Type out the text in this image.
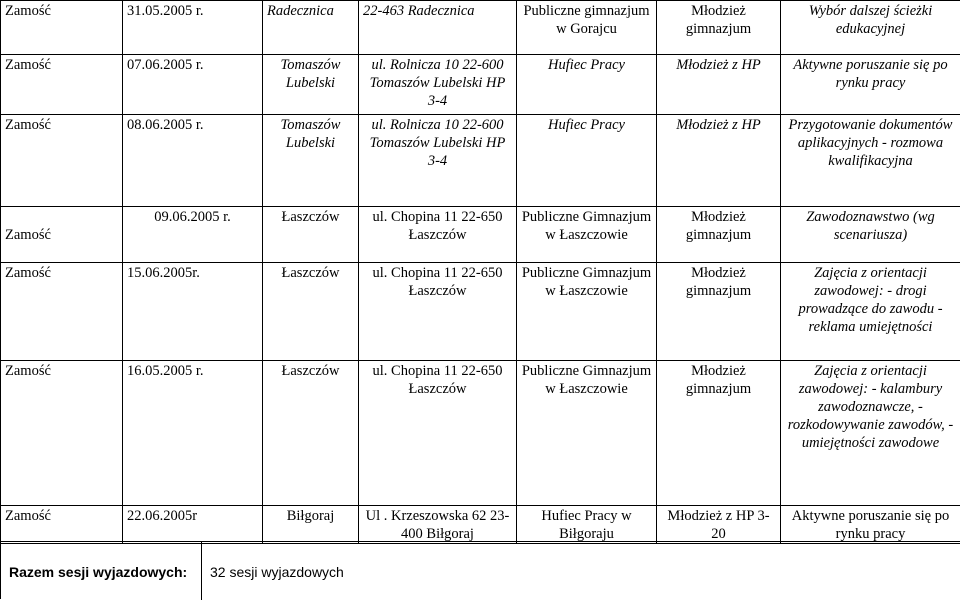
Zamość	31.05.2005 r.	Radecznica	22-463 Radecznica	Publiczne gimnazjum w Gorajcu	Młodzież gimnazjum	Wybór dalszej ścieżki edukacyjnej
Zamość	07.06.2005 r.	Tomaszów Lubelski	ul. Rolnicza 10 22-600 Tomaszów Lubelski HP 3-4	Hufiec Pracy	Młodzież z HP	Aktywne poruszanie się po rynku pracy
Zamość	08.06.2005 r.	Tomaszów Lubelski	ul. Rolnicza 10 22-600 Tomaszów Lubelski HP 3-4	Hufiec Pracy	Młodzież z HP	Przygotowanie dokumentów aplikacyjnych - rozmowa kwalifikacyjna
Zamość	09.06.2005 r.	Łaszczów	ul. Chopina 11 22-650 Łaszczów	Publiczne Gimnazjum w Łaszczowie	Młodzież gimnazjum	Zawodoznawstwo (wg scenariusza)
Zamość	15.06.2005r.	Łaszczów	ul. Chopina 11 22-650 Łaszczów	Publiczne Gimnazjum w Łaszczowie	Młodzież gimnazjum	Zajęcia z orientacji zawodowej: - drogi prowadzące do zawodu - reklama umiejętności
Zamość	16.05.2005 r.	Łaszczów	ul. Chopina 11 22-650 Łaszczów	Publiczne Gimnazjum w Łaszczowie	Młodzież gimnazjum	Zajęcia z orientacji zawodowej: - kalambury zawodoznawcze, - rozkodowywanie zawodów, - umiejętności zawodowe
Zamość	22.06.2005r	Biłgoraj	Ul . Krzeszowska 62 23-400 Biłgoraj	Hufiec Pracy w Biłgoraju	Młodzież z HP 3-20	Aktywne poruszanie się po rynku pracy
Razem sesji wyjazdowych: 32 sesji wyjazdowych
